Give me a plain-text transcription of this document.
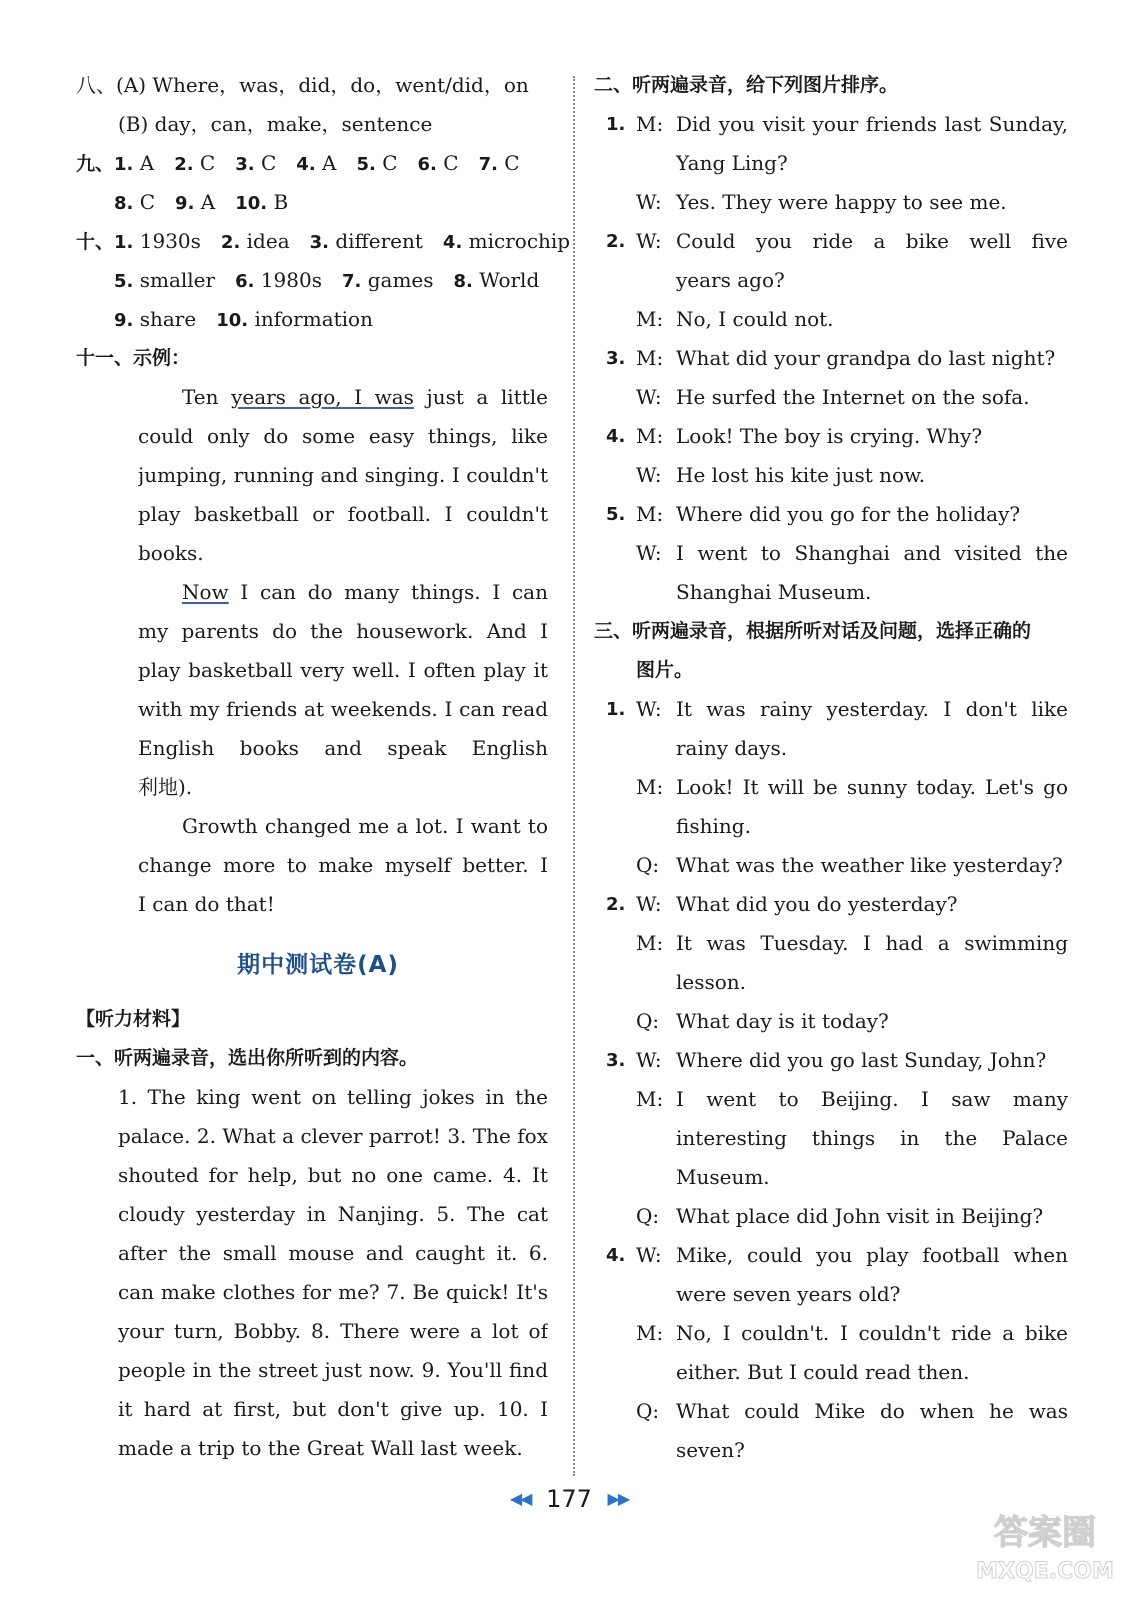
八、(A) Where，was，did，do，went/did，on
(B) day，can，make，sentence
九、1. A 2. C 3. C 4. A 5. C 6. C 7. C
8. C 9. A 10. B
十、1. 1930s 2. idea 3. different 4. microchip
5. smaller 6. 1980s 7. games 8. World
9. share 10. information
十一、示例：
Ten years ago, I was just a little
could only do some easy things, like
jumping, running and singing. I couldn't
play basketball or football. I couldn't
books.
Now I can do many things. I can
my parents do the housework. And I
play basketball very well. I often play it
with my friends at weekends. I can read
English books and speak English
利地).
Growth changed me a lot. I want to
change more to make myself better. I
I can do that!
期中测试卷(A)
【听力材料】
一、听两遍录音，选出你所听到的内容。
1. The king went on telling jokes in the
palace. 2. What a clever parrot! 3. The fox
shouted for help, but no one came. 4. It
cloudy yesterday in Nanjing. 5. The cat
after the small mouse and caught it. 6.
can make clothes for me? 7. Be quick! It's
your turn, Bobby. 8. There were a lot of
people in the street just now. 9. You'll find
it hard at first, but don't give up. 10. I
made a trip to the Great Wall last week.
二、听两遍录音，给下列图片排序。
1. M: Did you visit your friends last Sunday,
Yang Ling?
W: Yes. They were happy to see me.
2. W: Could you ride a bike well five
years ago?
M: No, I could not.
3. M: What did your grandpa do last night?
W: He surfed the Internet on the sofa.
4. M: Look! The boy is crying. Why?
W: He lost his kite just now.
5. M: Where did you go for the holiday?
W: I went to Shanghai and visited the
Shanghai Museum.
三、听两遍录音，根据所听对话及问题，选择正确的
图片。
1. W: It was rainy yesterday. I don't like
rainy days.
M: Look! It will be sunny today. Let's go
fishing.
Q: What was the weather like yesterday?
2. W: What did you do yesterday?
M: It was Tuesday. I had a swimming
lesson.
Q: What day is it today?
3. W: Where did you go last Sunday, John?
M: I went to Beijing. I saw many
interesting things in the Palace
Museum.
Q: What place did John visit in Beijing?
4. W: Mike, could you play football when
were seven years old?
M: No, I couldn't. I couldn't ride a bike
either. But I could read then.
Q: What could Mike do when he was
seven?
◀◀ 177 ▶▶
答案圈
MXQE.COM
